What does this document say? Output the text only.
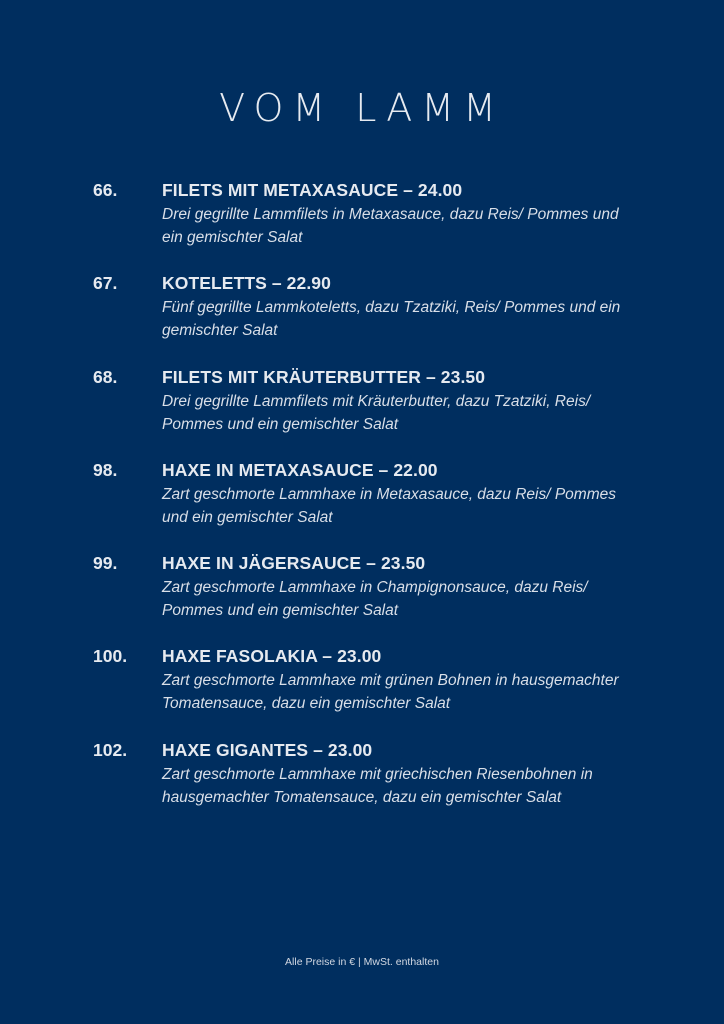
VOM LAMM
66.	FILETS MIT METAXASAUCE – 24.00
Drei gegrillte Lammfilets in Metaxasauce, dazu Reis/ Pommes und ein gemischter Salat
67.	KOTELETTS – 22.90
Fünf gegrillte Lammkoteletts, dazu Tzatziki, Reis/ Pommes und ein gemischter Salat
68.	FILETS MIT KRÄUTERBUTTER – 23.50
Drei gegrillte Lammfilets mit Kräuterbutter, dazu Tzatziki, Reis/ Pommes und ein gemischter Salat
98.	HAXE IN METAXASAUCE – 22.00
Zart geschmorte Lammhaxe in Metaxasauce, dazu Reis/ Pommes und ein gemischter Salat
99.	HAXE IN JÄGERSAUCE – 23.50
Zart geschmorte Lammhaxe in Champignonsauce, dazu Reis/ Pommes und ein gemischter Salat
100.	HAXE FASOLAKIA – 23.00
Zart geschmorte Lammhaxe mit grünen Bohnen in hausgemachter Tomatensauce, dazu ein gemischter Salat
102.	HAXE GIGANTES – 23.00
Zart geschmorte Lammhaxe mit griechischen Riesenbohnen in hausgemachter Tomatensauce, dazu ein gemischter Salat
Alle Preise in € | MwSt. enthalten
